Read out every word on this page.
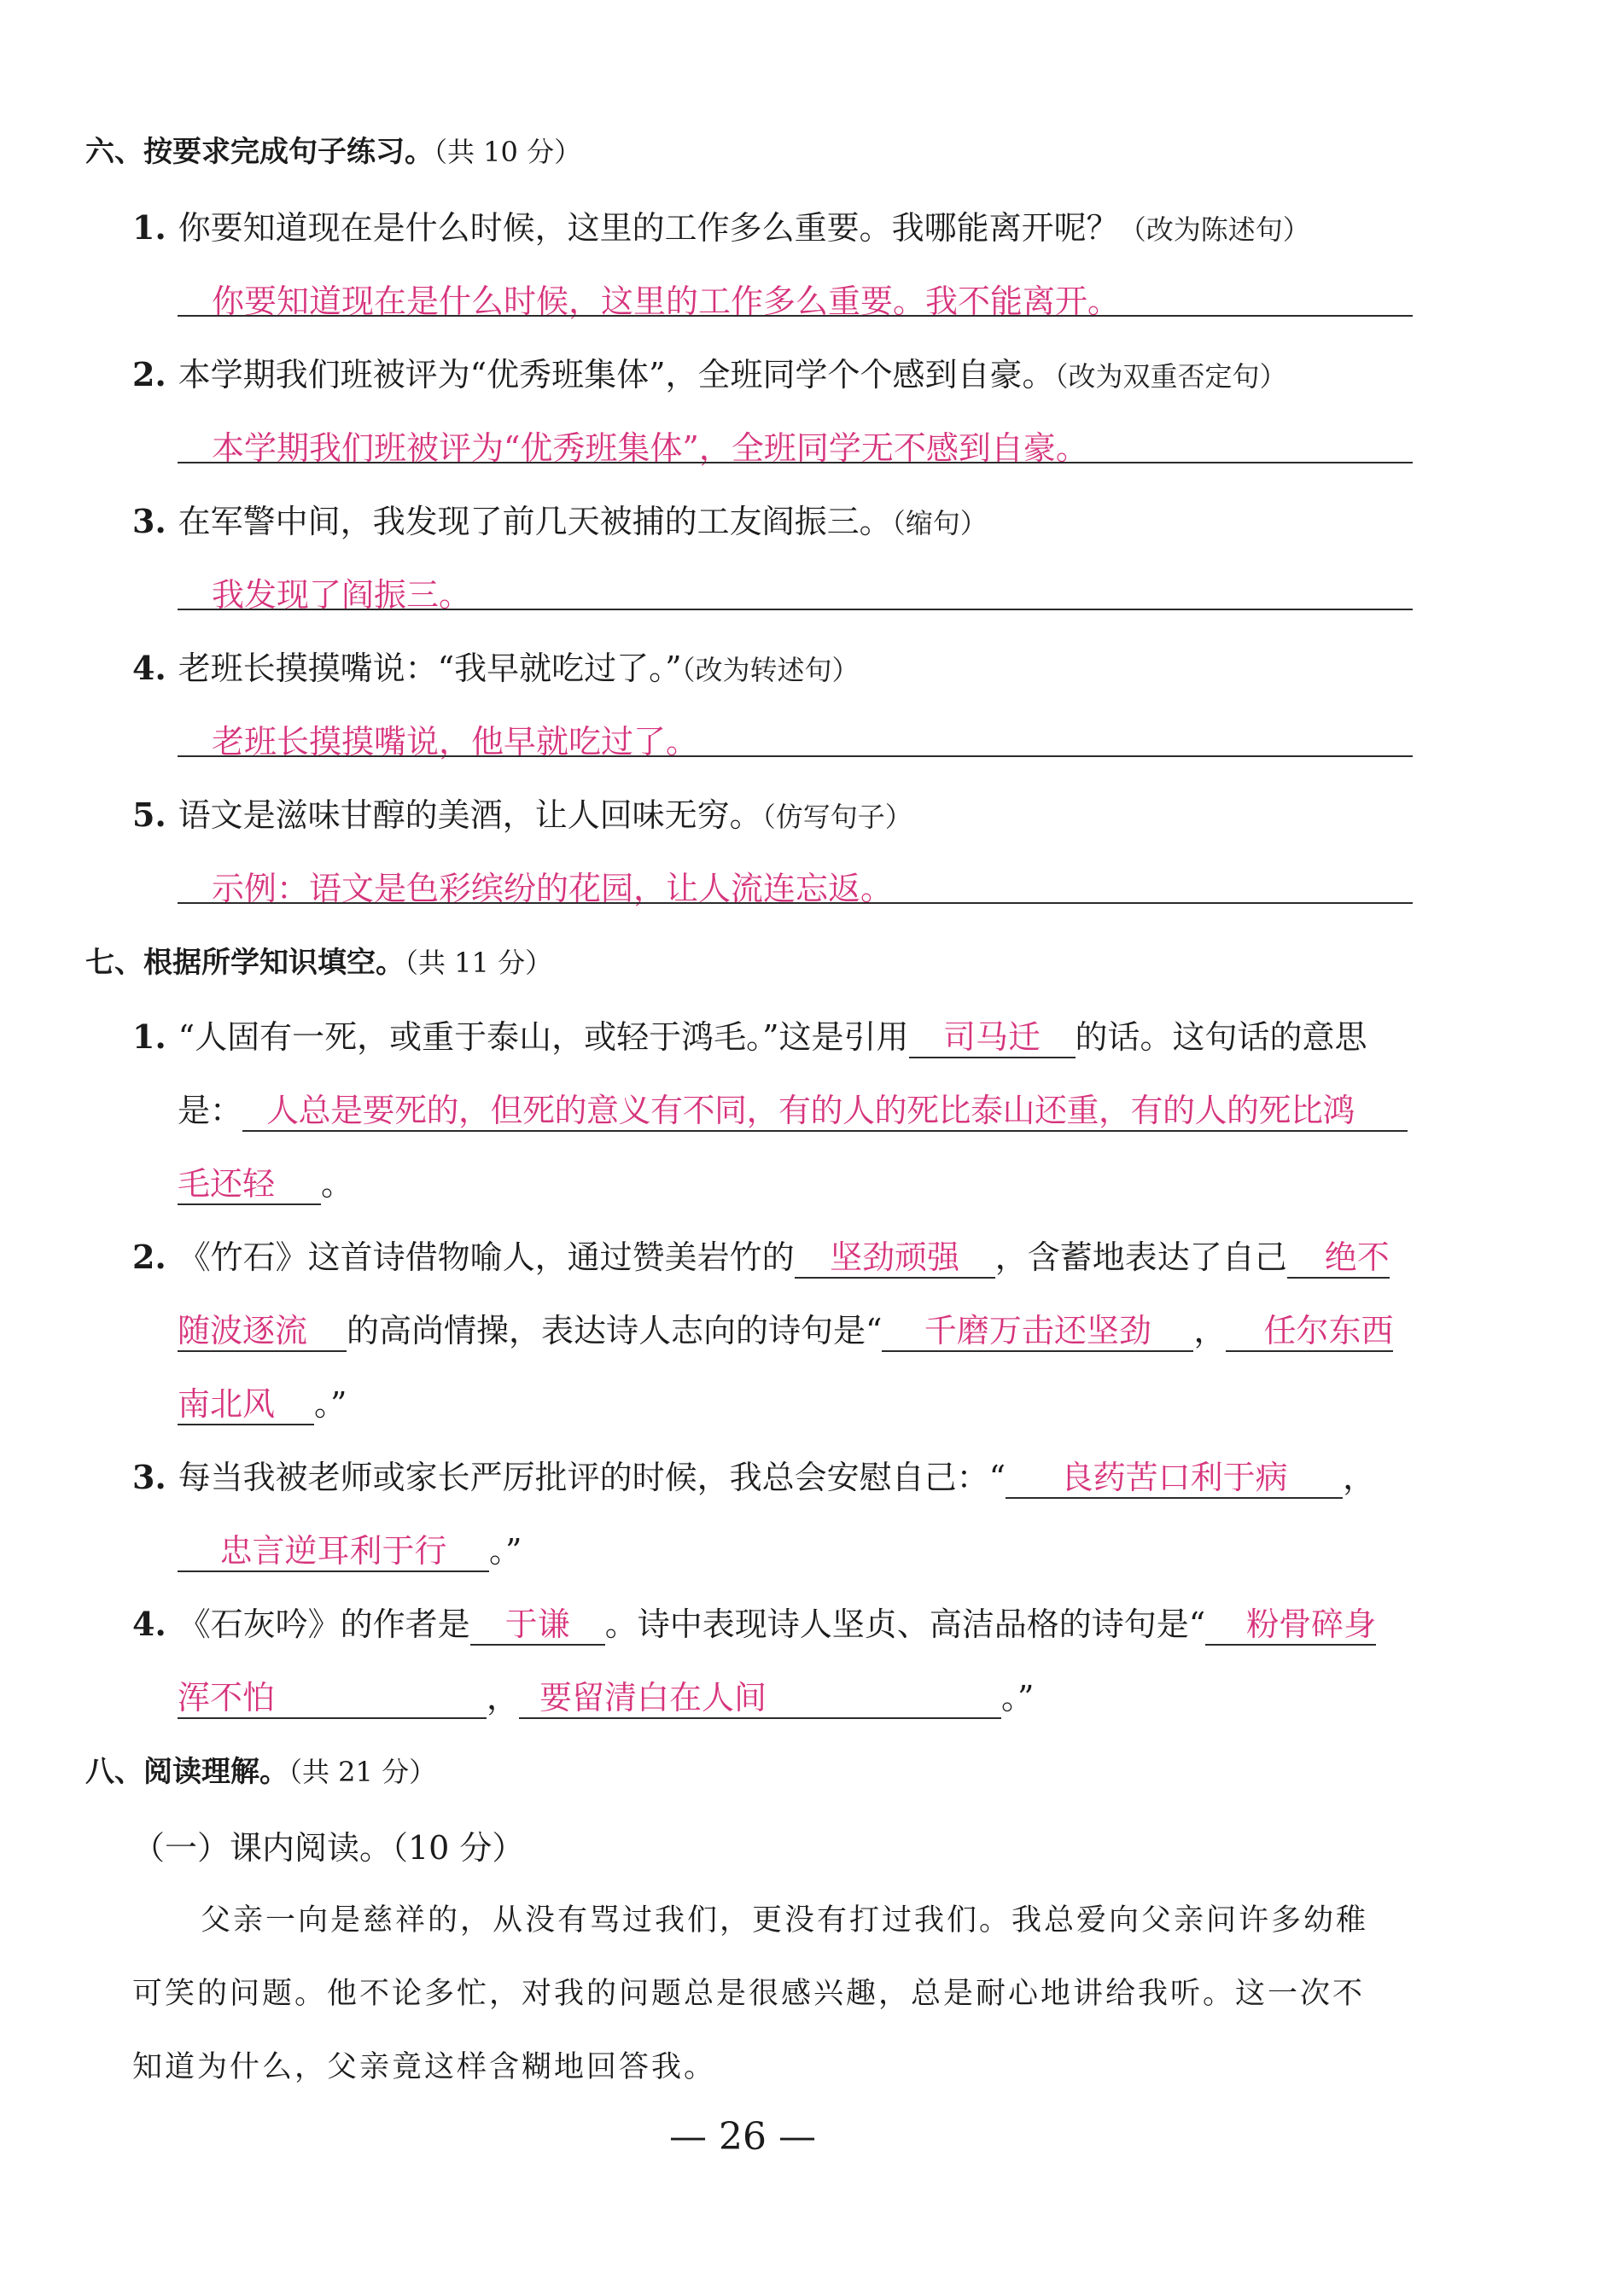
六、按要求完成句子练习。（共 10 分）
1. 你要知道现在是什么时候，这里的工作多么重要。我哪能离开呢？（改为陈述句）
你要知道现在是什么时候，这里的工作多么重要。我不能离开。
2. 本学期我们班被评为“优秀班集体”，全班同学个个感到自豪。（改为双重否定句）
本学期我们班被评为“优秀班集体”，全班同学无不感到自豪。
3. 在军警中间，我发现了前几天被捕的工友阎振三。（缩句）
我发现了阎振三。
4. 老班长摸摸嘴说：“我早就吃过了。”（改为转述句）
老班长摸摸嘴说，他早就吃过了。
5. 语文是滋味甘醇的美酒，让人回味无穷。（仿写句子）
示例：语文是色彩缤纷的花园，让人流连忘返。
七、根据所学知识填空。（共 11 分）
1. “人固有一死，或重于泰山，或轻于鸿毛。”这是引用 司马迁 的话。这句话的意思
是： 人总是要死的，但死的意义有不同，有的人的死比泰山还重，有的人的死比鸿
毛还轻 。
2. 《竹石》这首诗借物喻人，通过赞美岩竹的 坚劲顽强 ，含蓄地表达了自己 绝不
随波逐流 的高尚情操，表达诗人志向的诗句是“ 千磨万击还坚劲 ， 任尔东西
南北风 。”
3. 每当我被老师或家长严厉批评的时候，我总会安慰自己：“ 良药苦口利于病 ，
忠言逆耳利于行 。”
4. 《石灰吟》的作者是 于谦 。诗中表现诗人坚贞、高洁品格的诗句是“ 粉骨碎身
浑不怕	， 要留清白在人间	。”
八、阅读理解。（共 21 分）
（一）课内阅读。（10 分）
父亲一向是慈祥的，从没有骂过我们，更没有打过我们。我总爱向父亲问许多幼稚
可笑的问题。他不论多忙，对我的问题总是很感兴趣，总是耐心地讲给我听。这一次不
知道为什么，父亲竟这样含糊地回答我。
— 26 —
